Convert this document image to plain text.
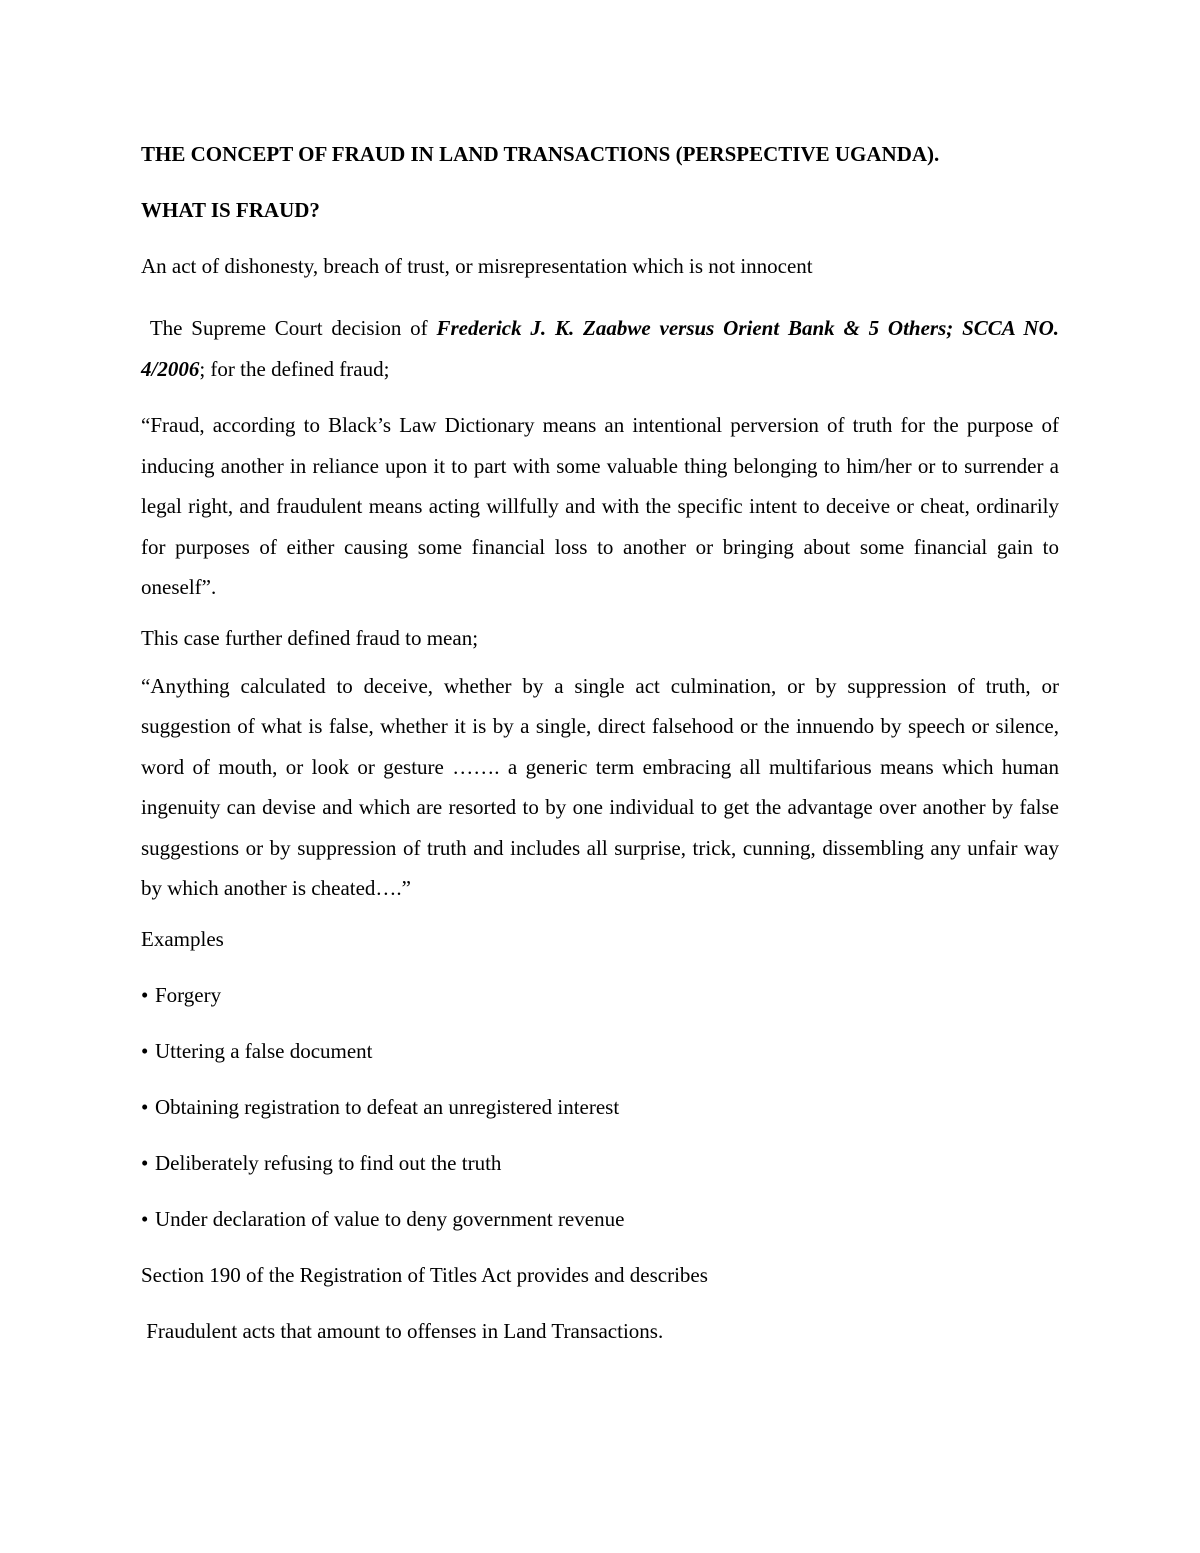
THE CONCEPT OF FRAUD IN LAND TRANSACTIONS (PERSPECTIVE UGANDA).

WHAT IS FRAUD?

An act of dishonesty, breach of trust, or misrepresentation which is not innocent

The Supreme Court decision of Frederick J. K. Zaabwe versus Orient Bank & 5 Others; SCCA NO. 4/2006; for the defined fraud;

“Fraud, according to Black’s Law Dictionary means an intentional perversion of truth for the purpose of inducing another in reliance upon it to part with some valuable thing belonging to him/her or to surrender a legal right, and fraudulent means acting willfully and with the specific intent to deceive or cheat, ordinarily for purposes of either causing some financial loss to another or bringing about some financial gain to oneself”.

This case further defined fraud to mean;

“Anything calculated to deceive, whether by a single act culmination, or by suppression of truth, or suggestion of what is false, whether it is by a single, direct falsehood or the innuendo by speech or silence, word of mouth, or look or gesture ……. a generic term embracing all multifarious means which human ingenuity can devise and which are resorted to by one individual to get the advantage over another by false suggestions or by suppression of truth and includes all surprise, trick, cunning, dissembling any unfair way by which another is cheated….”

Examples

• Forgery

• Uttering a false document

• Obtaining registration to defeat an unregistered interest

• Deliberately refusing to find out the truth

• Under declaration of value to deny government revenue

Section 190 of the Registration of Titles Act provides and describes

Fraudulent acts that amount to offenses in Land Transactions.
